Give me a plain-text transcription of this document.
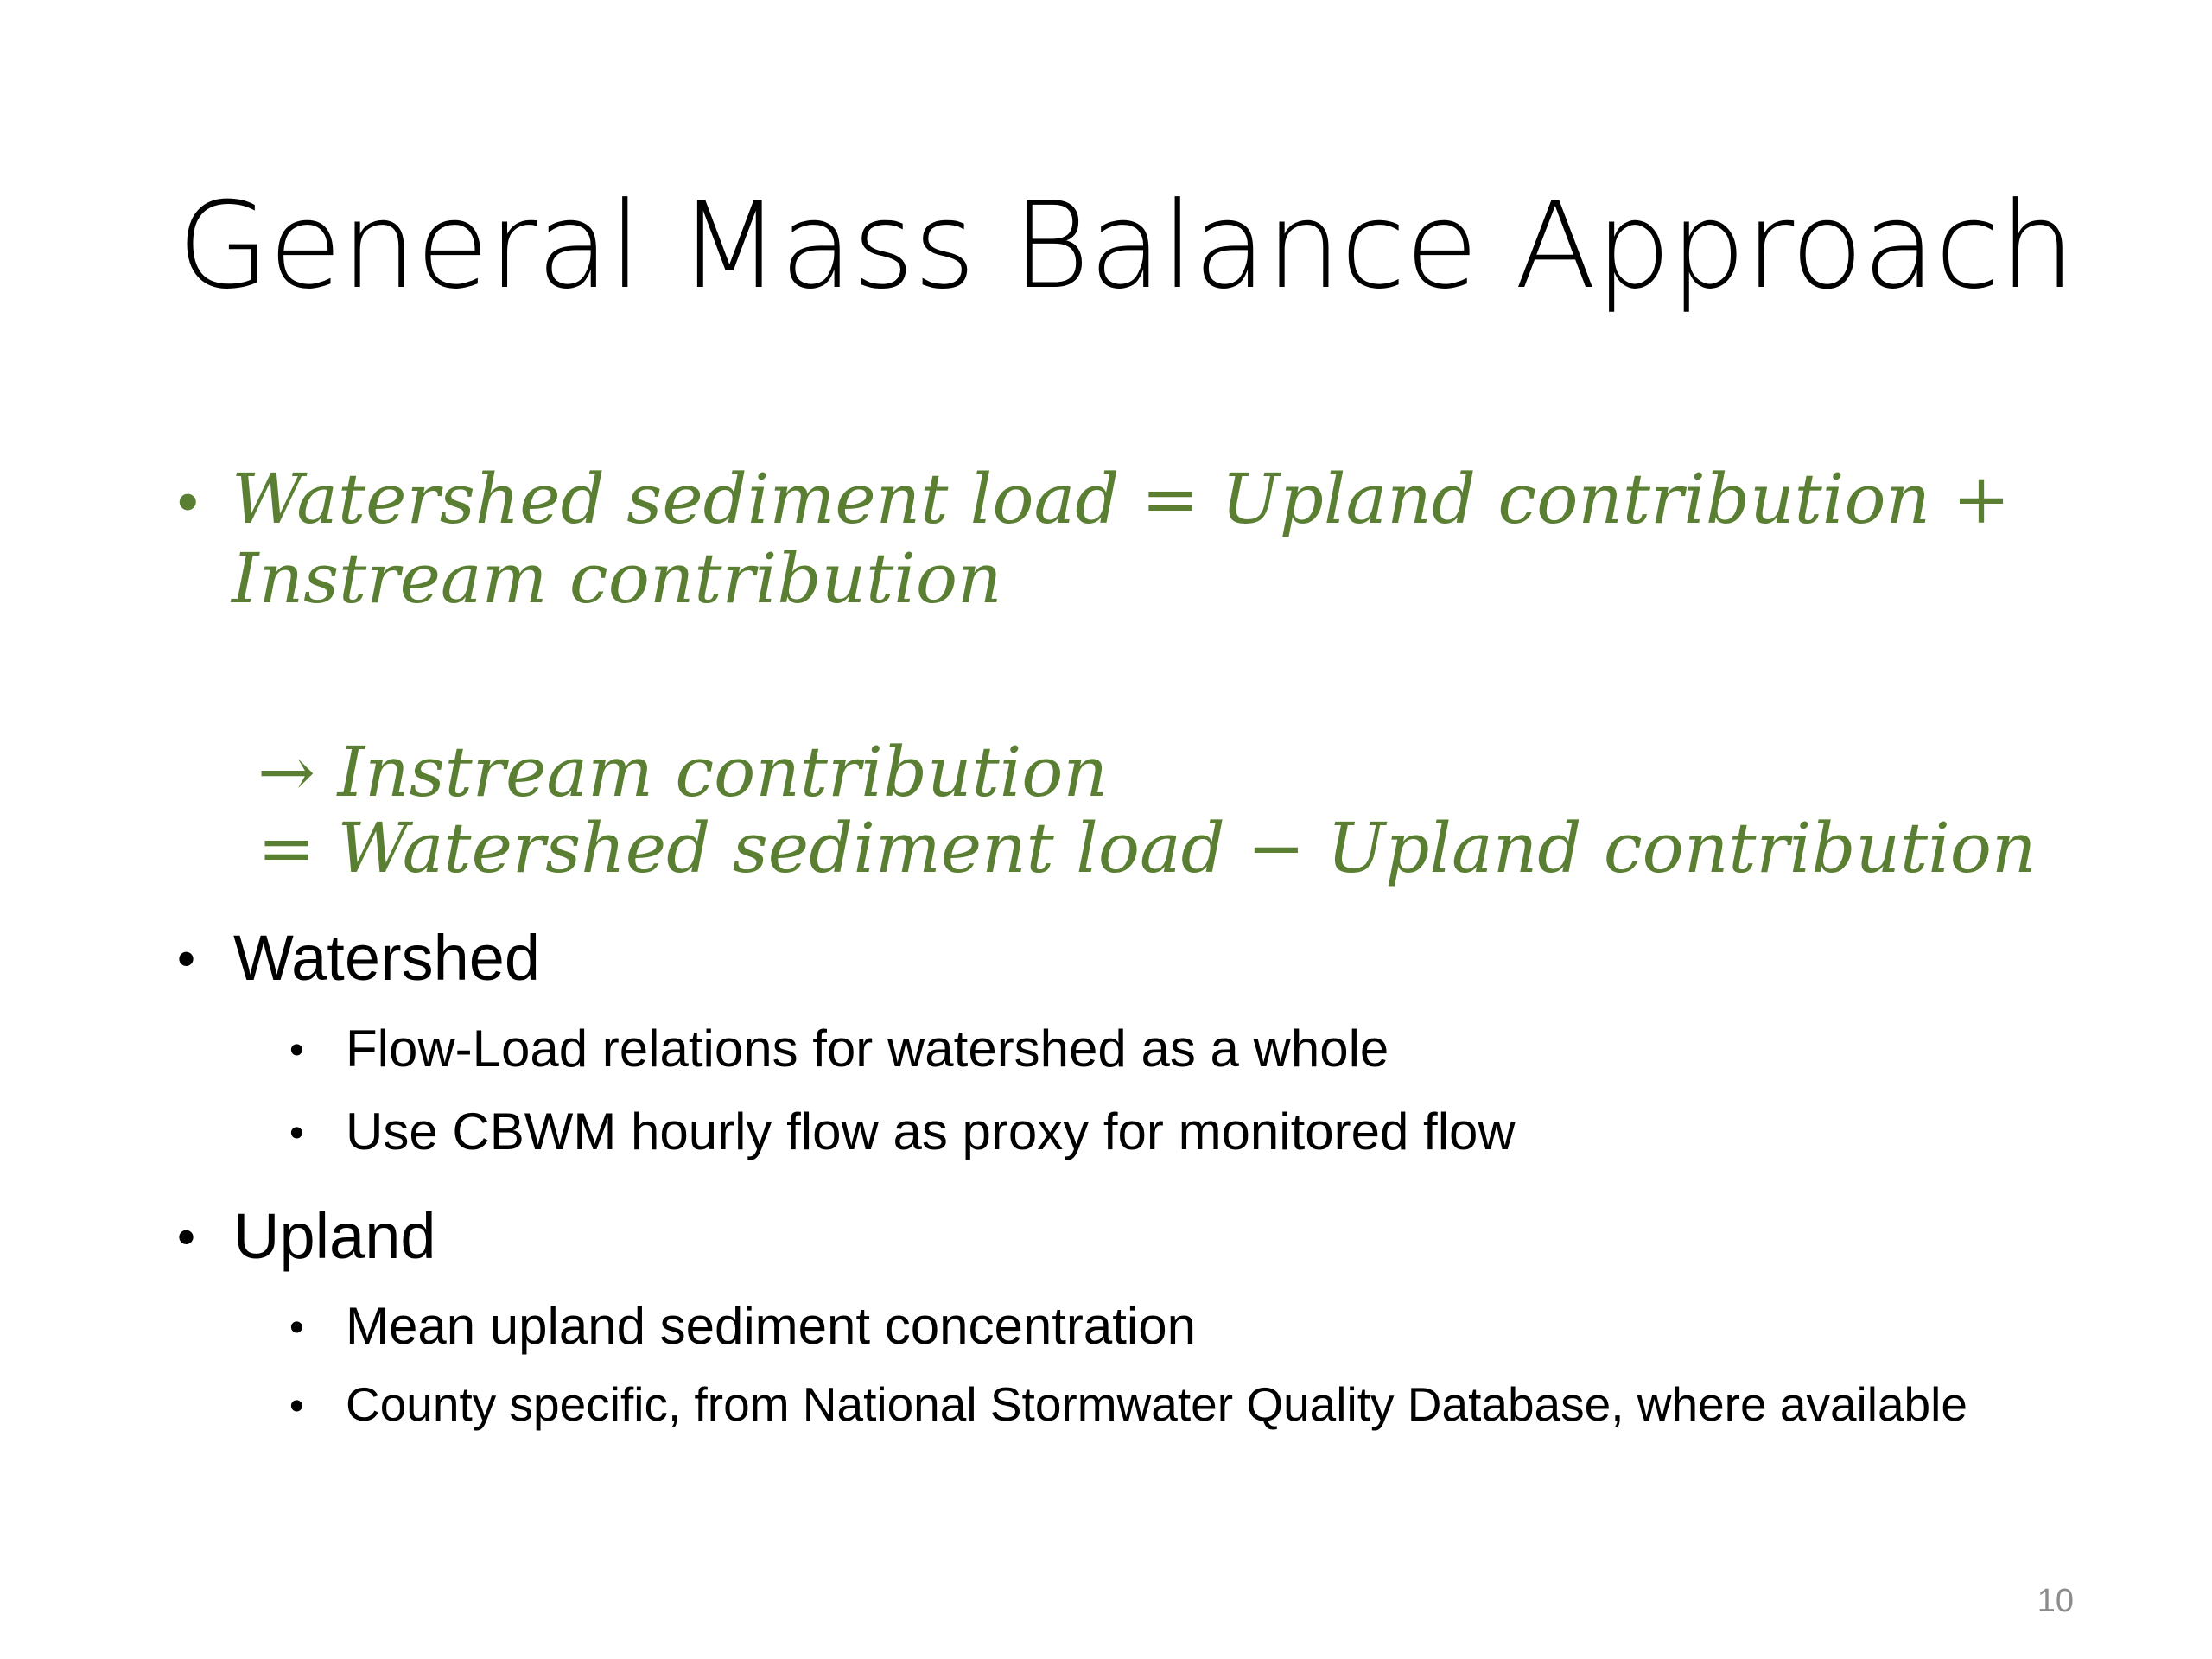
General Mass Balance Approach
• Watershed sediment load = Upland contribution +
Instream contribution
→ Instream contribution
= Watershed sediment load − Upland contribution
• Watershed
• Flow-Load relations for watershed as a whole
• Use CBWM hourly flow as proxy for monitored flow
• Upland
• Mean upland sediment concentration
• County specific, from National Stormwater Quality Database, where available
10
